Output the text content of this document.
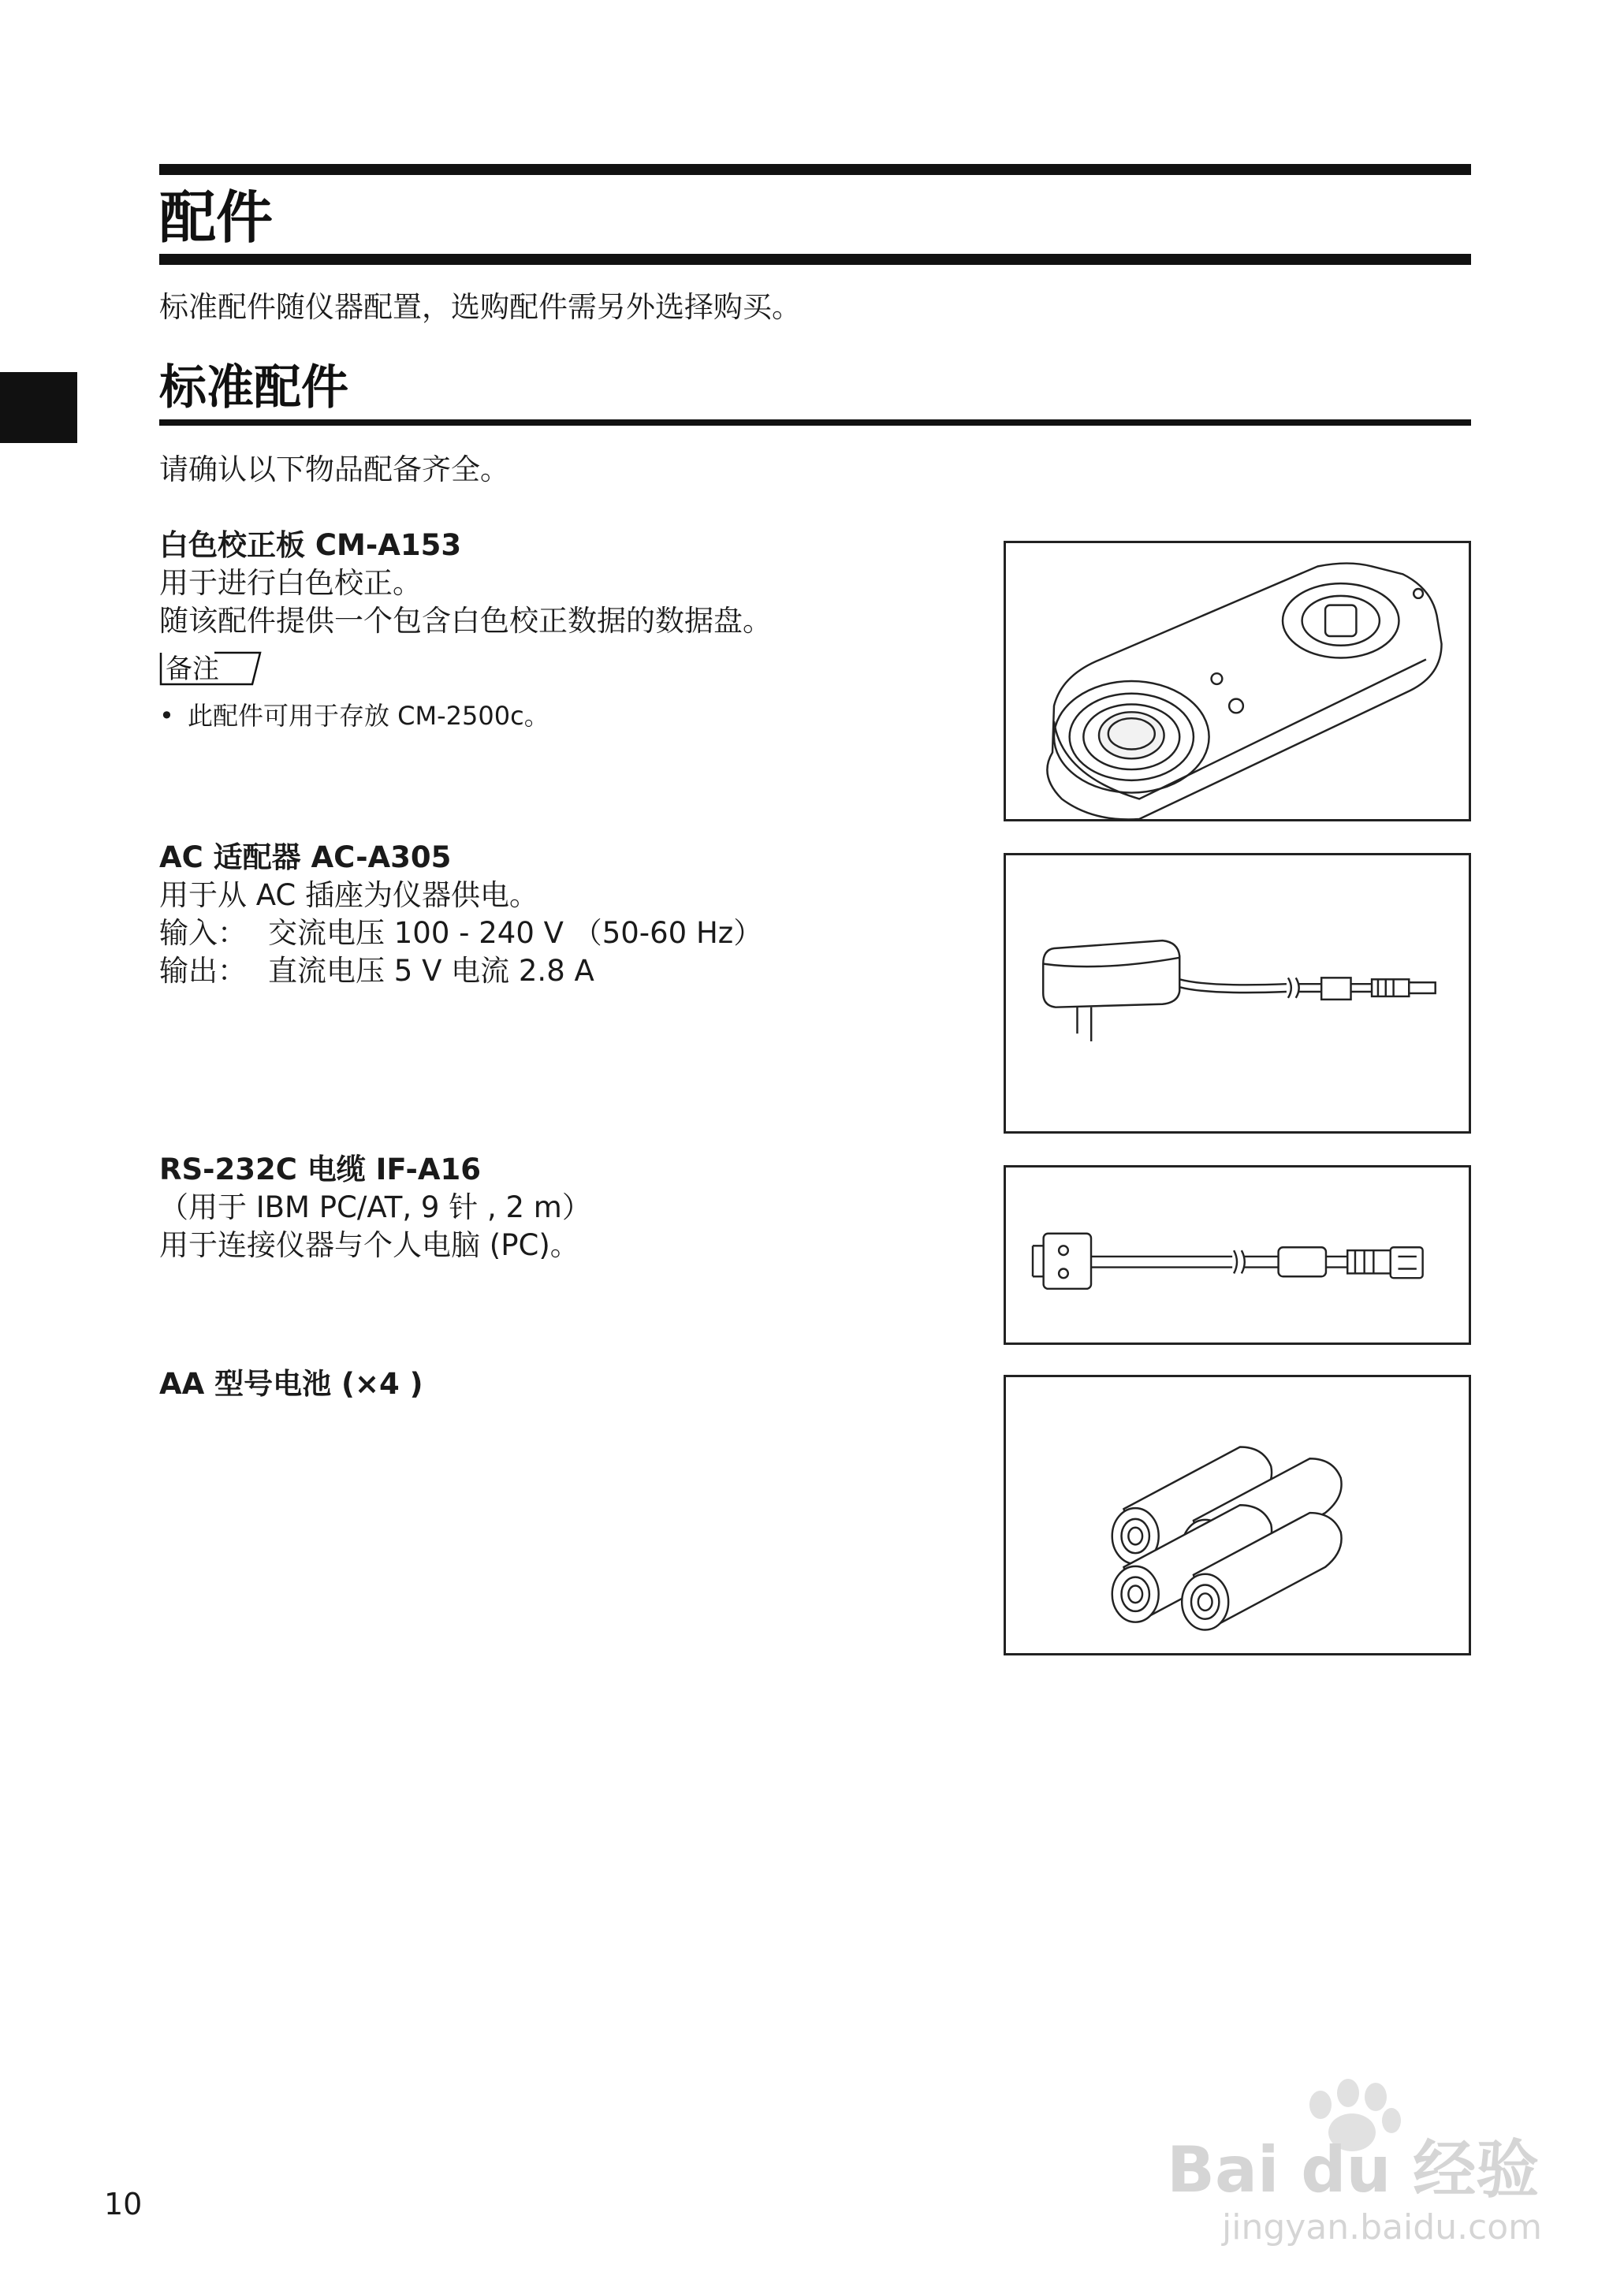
配件
标准配件随仪器配置，选购配件需另外选择购买。
标准配件
请确认以下物品配备齐全。
白色校正板 CM-A153
用于进行白色校正。
随该配件提供一个包含白色校正数据的数据盘。
备注
• 此配件可用于存放 CM-2500c。
AC 适配器 AC-A305
用于从 AC 插座为仪器供电。
输入： 交流电压 100 - 240 V （50-60 Hz）
输出： 直流电压 5 V 电流 2.8 A
RS-232C 电缆 IF-A16
（用于 IBM PC/AT, 9 针 , 2 m）
用于连接仪器与个人电脑 (PC)。
AA 型号电池 (×4 )
10	Bai du 经验
jingyan.baidu.com
